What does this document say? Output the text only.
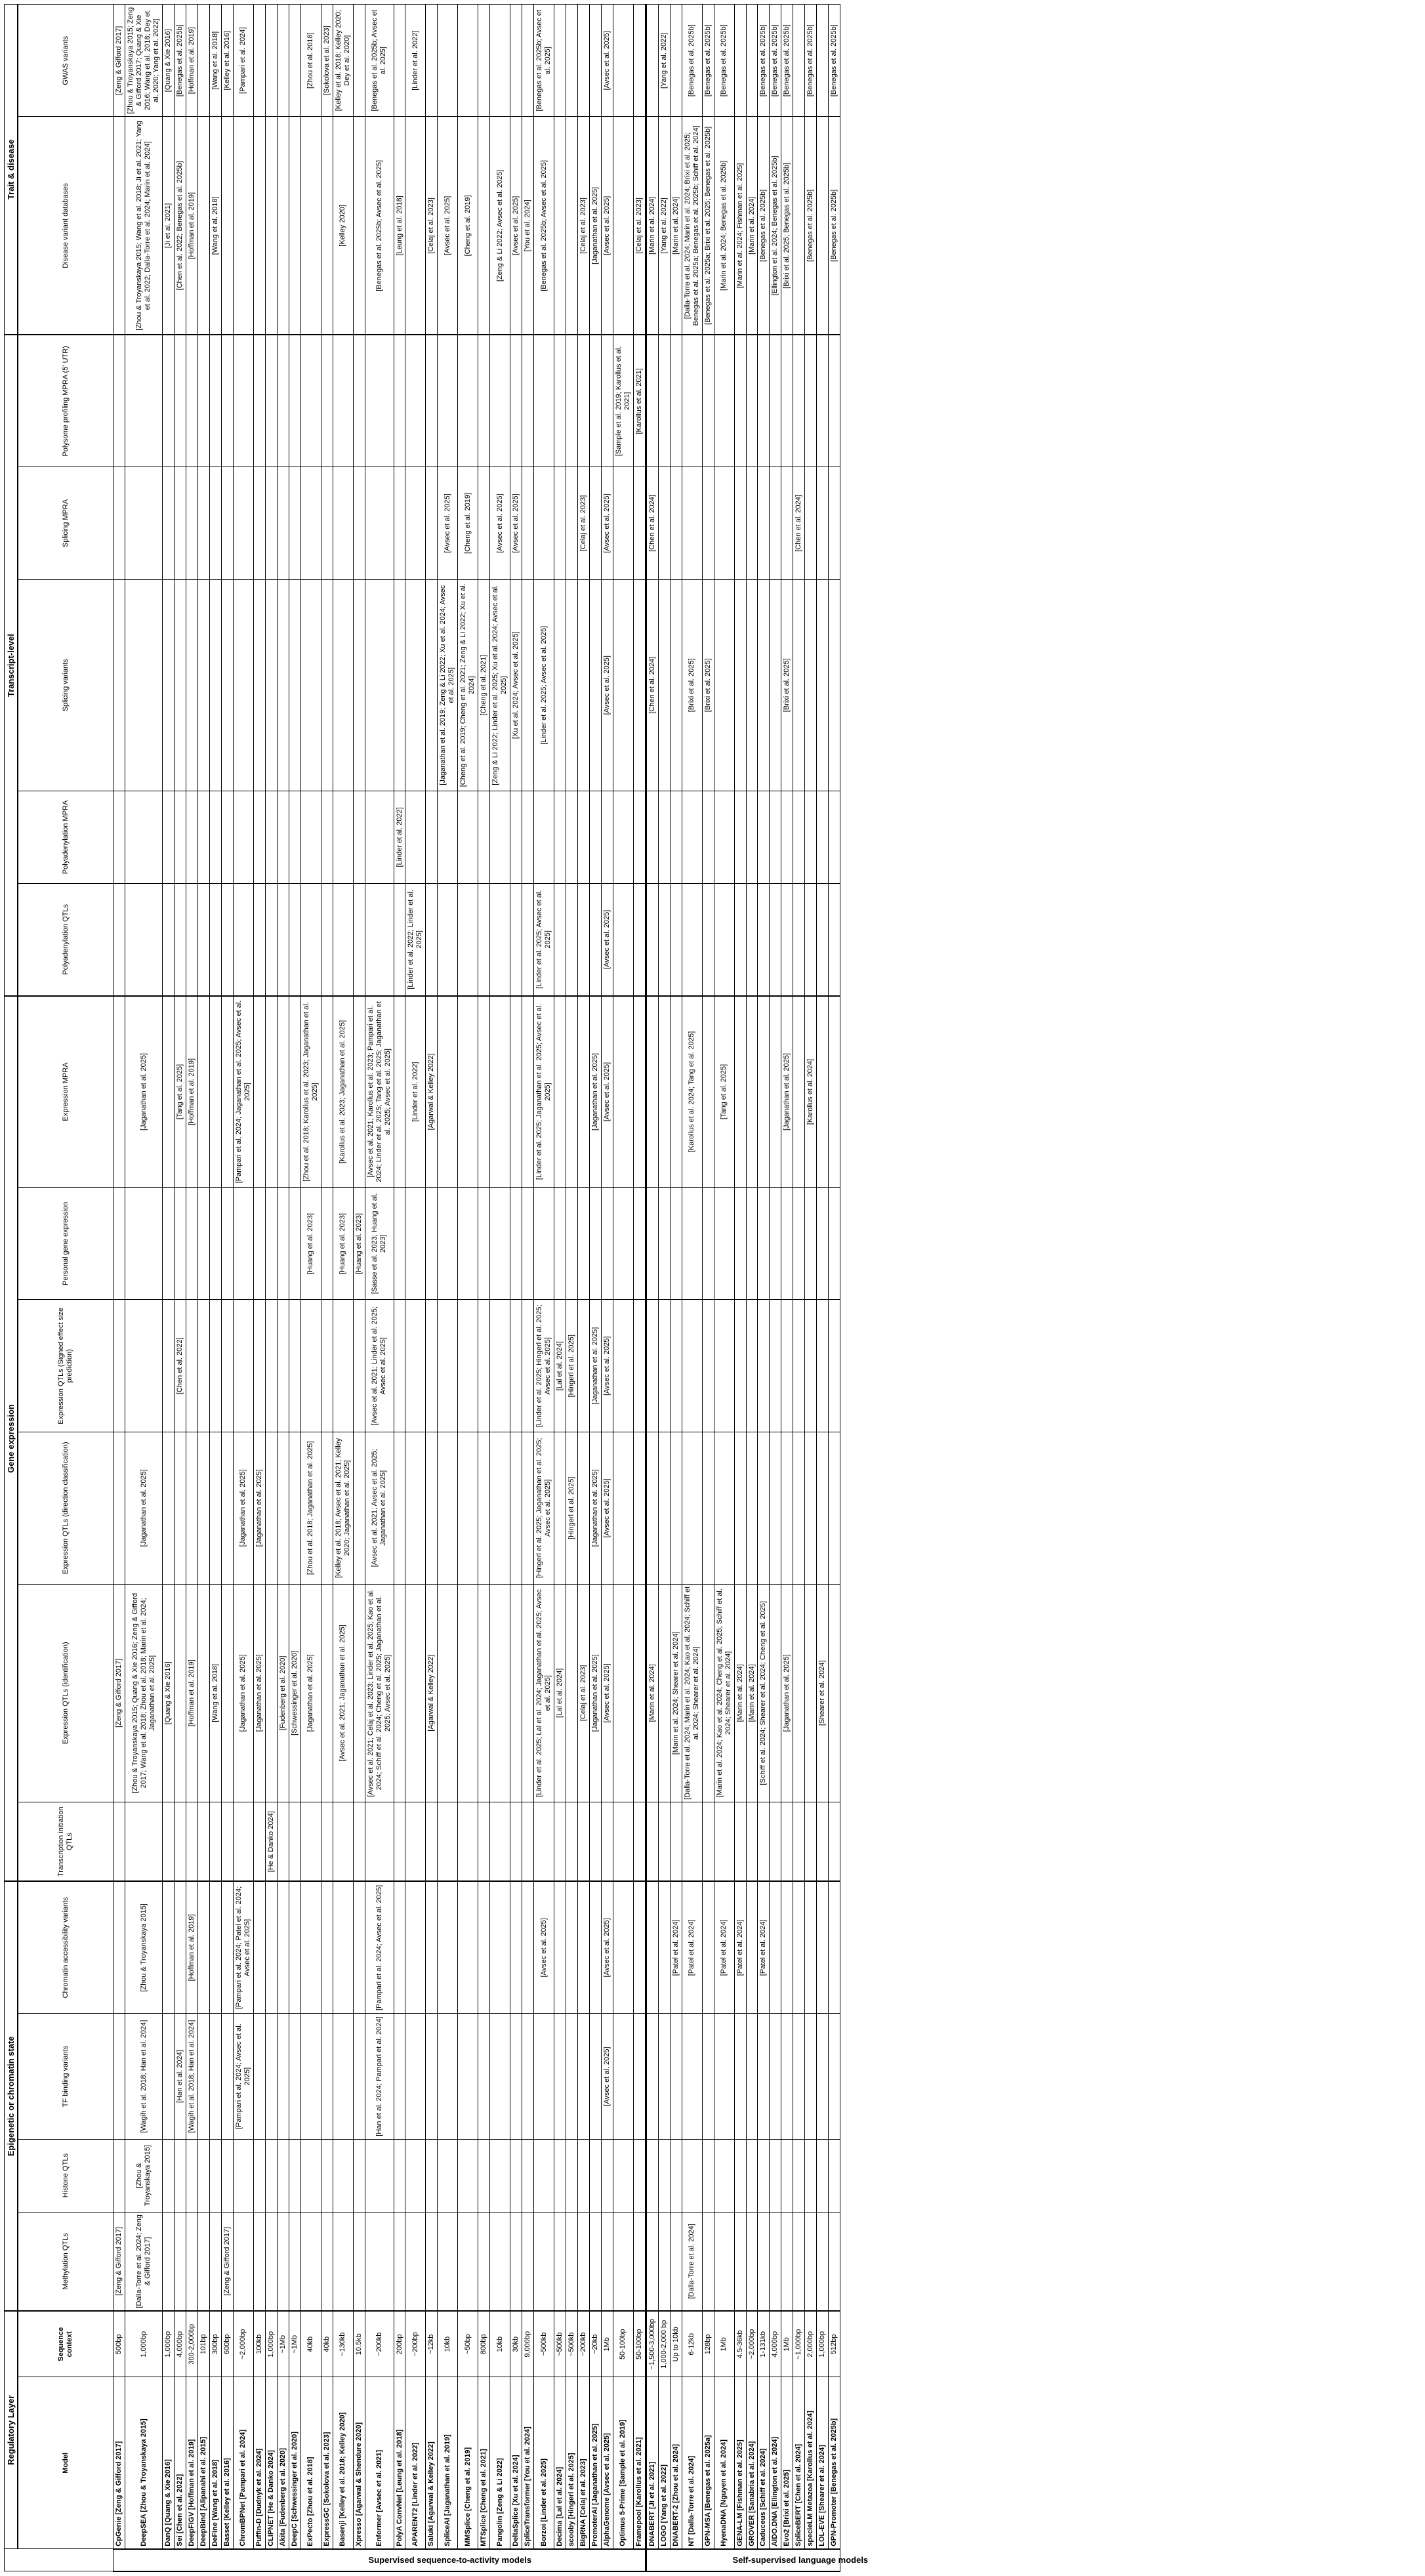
	Regulatory Layer		Epigenetic or chromatin state				Gene expression						Transcript-level					Trait & disease	
	Model	Sequence context	Methylation QTLs	Histone QTLs	TF binding variants	Chromatin accessibility variants	Transcription initiation QTLs	Expression QTLs (identification)	Expression QTLs (direction classification)	Expression QTLs (Signed effect size prediction)	Personal gene expression	Expression MPRA	Polyadenylation QTLs	Polyadenylation MPRA	Splicing variants	Splicing MPRA	Polysome profiling MPRA (5' UTR)	Disease variant databases	GWAS variants

Supervised sequence-to-activity models	CpGenie [Zeng & Gifford 2017]	500bp	[Zeng & Gifford 2017]					[Zeng & Gifford 2017]											[Zeng & Gifford 2017]
	DeepSEA [Zhou & Troyanskaya 2015]	1,000bp	[Dalla-Torre et al. 2024; Zeng & Gifford 2017]	[Zhou & Troyanskaya 2015]	[Wagih et al. 2018; Han et al. 2024]	[Zhou & Troyanskaya 2015]		[Zhou & Troyanskaya 2015; Quang & Xie 2016; Zeng & Gifford 2017; Wang et al. 2018; Zhou et al. 2018; Marin et al. 2024; Jaganathan et al. 2025]	[Jaganathan et al. 2025]			[Jaganathan et al. 2025]						[Zhou & Troyanskaya 2015; Wang et al. 2018; Ji et al. 2021; Yang et al. 2022; Dalla-Torre et al. 2024; Marin et al. 2024]	[Zhou & Troyanskaya 2015; Zeng & Gifford 2017; Quang & Xie 2016; Wang et al. 2018; Dey et al. 2020; Yang et al. 2022]
	DanQ [Quang & Xie 2016]	1,000bp						[Quang & Xie 2016]										[Ji et al. 2021]	[Quang & Xie 2016]
	Sei [Chen et al. 2022]	4,000bp			[Han et al. 2024]					[Chen et al. 2022]		[Tang et al. 2025]						[Chen et al. 2022; Benegas et al. 2025b]	[Benegas et al. 2025b]
	DeepFIGV [Hoffman et al. 2019]	300-2,000bp			[Wagih et al. 2018; Han et al. 2024]	[Hoffman et al. 2019]		[Hoffman et al. 2019]				[Hoffman et al. 2019]						[Hoffman et al. 2019]	[Hoffman et al. 2019]
	DeepBind [Alipanahi et al. 2015]	101bp																	
	DeFine [Wang et al. 2018]	300bp						[Wang et al. 2018]										[Wang et al. 2018]	[Wang et al. 2018]
	Basset [Kelley et al. 2016]	600bp	[Zeng & Gifford 2017]																[Kelley et al. 2016]
	ChromBPNet [Pampari et al. 2024]	~2,000bp			[Pampari et al. 2024; Avsec et al. 2025]	[Pampari et al. 2024; Patel et al. 2024; Avsec et al. 2025]		[Jaganathan et al. 2025]	[Jaganathan et al. 2025]			[Pampari et al. 2024; Jaganathan et al. 2025; Avsec et al. 2025]							[Pampari et al. 2024]
	Puffin-D [Dudnyk et al. 2024]	100kb						[Jaganathan et al. 2025]	[Jaganathan et al. 2025]										
	CLIPNET [He & Danko 2024]	1,000bp					[He & Danko 2024]												
	Akita [Fudenberg et al. 2020]	~1Mb						[Fudenberg et al. 2020]											
	DeepC [Schwessinger et al. 2020]	~1Mb						[Schwessinger et al. 2020]											
	ExPecto [Zhou et al. 2018]	40kb						[Jaganathan et al. 2025]	[Zhou et al. 2018; Jaganathan et al. 2025]		[Huang et al. 2023]	[Zhou et al. 2018; Karollus et al. 2023; Jaganathan et al. 2025]							[Zhou et al. 2018]
	ExpressGC [Sokolova et al. 2023]	40kb																	[Sokolova et al. 2023]
	Basenji [Kelley et al. 2018; Kelley 2020]	~130kb						[Avsec et al. 2021; Jaganathan et al. 2025]	[Kelley et al. 2018; Avsec et al. 2021; Kelley 2020; Jaganathan et al. 2025]		[Huang et al. 2023]	[Karollus et al. 2023; Jaganathan et al. 2025]						[Kelley 2020]	[Kelley et al. 2018; Kelley 2020; Dey et al. 2020]
	Xpresso [Agarwal & Shendure 2020]	10.5kb									[Huang et al. 2023]								
	Enformer [Avsec et al. 2021]	~200kb			[Han et al. 2024; Pampari et al. 2024]	[Pampari et al. 2024; Avsec et al. 2025]		[Avsec et al. 2021; Celaj et al. 2023; Linder et al. 2025; Kao et al. 2024; Schiff et al. 2024; Cheng et al. 2025; Jaganathan et al. 2025; Avsec et al. 2025]	[Avsec et al. 2021; Avsec et al. 2025; Jaganathan et al. 2025]	[Avsec et al. 2021; Linder et al. 2025; Avsec et al. 2025]	[Sasse et al. 2023; Huang et al. 2023]	[Avsec et al. 2021; Karollus et al. 2023; Pampari et al. 2024; Linder et al. 2025; Tang et al. 2025; Jaganathan et al. 2025; Avsec et al. 2025]						[Benegas et al. 2025b; Avsec et al. 2025]	[Benegas et al. 2025b; Avsec et al. 2025]
	PolyA ConvNet [Leung et al. 2018]	200bp												[Linder et al. 2022]				[Leung et al. 2018]	
	APARENT2 [Linder et al. 2022]	~200bp										[Linder et al. 2022]	[Linder et al. 2022; Linder et al. 2025]						[Linder et al. 2022]
	Saluki [Agarwal & Kelley 2022]	~12kb						[Agarwal & Kelley 2022]				[Agarwal & Kelley 2022]						[Celaj et al. 2023]	
	SpliceAI [Jaganathan et al. 2019]	10kb													[Jaganathan et al. 2019; Zeng & Li 2022; Xu et al. 2024; Avsec et al. 2025]	[Avsec et al. 2025]		[Avsec et al. 2025]	
	MMSplice [Cheng et al. 2019]	~50bp													[Cheng et al. 2019; Cheng et al. 2021; Zeng & Li 2022; Xu et al. 2024]	[Cheng et al. 2019]		[Cheng et al. 2019]	
	MTSplice [Cheng et al. 2021]	800bp													[Cheng et al. 2021]				
	Pangolin [Zeng & Li 2022]	10kb													[Zeng & Li 2022; Linder et al. 2025; Xu et al. 2024; Avsec et al. 2025]	[Avsec et al. 2025]		[Zeng & Li 2022; Avsec et al. 2025]	
	DeltaSplice [Xu et al. 2024]	30kb													[Xu et al. 2024; Avsec et al. 2025]	[Avsec et al. 2025]		[Avsec et al. 2025]	
	SpliceTransformer [You et al. 2024]	9,000bp																[You et al. 2024]	
	Borzoi [Linder et al. 2025]	~500kb				[Avsec et al. 2025]		[Linder et al. 2025; Lal et al. 2024; Jaganathan et al. 2025; Avsec et al. 2025]	[Hingerl et al. 2025; Jaganathan et al. 2025; Avsec et al. 2025]	[Linder et al. 2025; Hingerl et al. 2025; Avsec et al. 2025]		[Linder et al. 2025; Jaganathan et al. 2025; Avsec et al. 2025]	[Linder et al. 2025; Avsec et al. 2025]		[Linder et al. 2025; Avsec et al. 2025]			[Benegas et al. 2025b; Avsec et al. 2025]	[Benegas et al. 2025b; Avsec et al. 2025]
	Decima [Lal et al. 2024]	~500kb						[Lal et al. 2024]		[Lal et al. 2024]									
	scooby [Hingerl et al. 2025]	~500kb							[Hingerl et al. 2025]	[Hingerl et al. 2025]									
	BigRNA [Celaj et al. 2023]	~200kb						[Celaj et al. 2023]								[Celaj et al. 2023]		[Celaj et al. 2023]	
	PromoterAI [Jaganathan et al. 2025]	~20kb						[Jaganathan et al. 2025]	[Jaganathan et al. 2025]	[Jaganathan et al. 2025]		[Jaganathan et al. 2025]						[Jaganathan et al. 2025]	
	AlphaGenome [Avsec et al. 2025]	1Mb			[Avsec et al. 2025]	[Avsec et al. 2025]		[Avsec et al. 2025]	[Avsec et al. 2025]	[Avsec et al. 2025]		[Avsec et al. 2025]	[Avsec et al. 2025]		[Avsec et al. 2025]	[Avsec et al. 2025]		[Avsec et al. 2025]	[Avsec et al. 2025]
	Optimus 5-Prime [Sample et al. 2019]	50-100bp															[Sample et al. 2019; Karollus et al. 2021]		
	Framepool [Karollus et al. 2021]	50-100bp															[Karollus et al. 2021]	[Celaj et al. 2023]	

Self-supervised language models	DNABERT [Ji et al. 2021]	~1,500-3,000bp						[Marin et al. 2024]							[Chen et al. 2024]	[Chen et al. 2024]		[Marin et al. 2024]	
	LOGO [Yang et al. 2022]	1,000-2,000 bp																[Yang et al. 2022]	[Yang et al. 2022]
	DNABERT-2 [Zhou et al. 2024]	Up to 10kb				[Patel et al. 2024]		[Marin et al. 2024; Shearer et al. 2024]										[Marin et al. 2024]	
	NT [Dalla-Torre et al. 2024]	6-12kb	[Dalla-Torre et al. 2024]			[Patel et al. 2024]		[Dalla-Torre et al. 2024; Marin et al. 2024; Kao et al. 2024; Schiff et al. 2024; Shearer et al. 2024]				[Karollus et al. 2024; Tang et al. 2025]			[Brixi et al. 2025]			[Dalla-Torre et al. 2024; Marin et al. 2024; Brixi et al. 2025; Benegas et al. 2025a; Benegas et al. 2025b; Schiff et al. 2024]	[Benegas et al. 2025b]
	GPN-MSA [Benegas et al. 2025a]	128bp													[Brixi et al. 2025]			[Benegas et al. 2025a; Brixi et al. 2025; Benegas et al. 2025b]	[Benegas et al. 2025b]
	HyenaDNA [Nguyen et al. 2024]	1Mb				[Patel et al. 2024]		[Marin et al. 2024; Kao et al. 2024; Cheng et al. 2025; Schiff et al. 2024; Shearer et al. 2024]				[Tang et al. 2025]						[Marin et al. 2024; Benegas et al. 2025b]	[Benegas et al. 2025b]
	GENA-LM [Fishman et al. 2025]	4.5-36kb				[Patel et al. 2024]		[Marin et al. 2024]										[Marin et al. 2024; Fishman et al. 2025]	
	GROVER [Sanabria et al. 2024]	~2,000bp						[Marin et al. 2024]										[Marin et al. 2024]	
	Caduceus [Schiff et al. 2024]	1-131kb				[Patel et al. 2024]		[Schiff et al. 2024; Shearer et al. 2024; Cheng et al. 2025]										[Benegas et al. 2025b]	[Benegas et al. 2025b]
	AIDO.DNA [Ellington et al. 2024]	4,000bp																[Ellington et al. 2024; Benegas et al. 2025b]	[Benegas et al. 2025b]
	Evo2 [Brixi et al. 2025]	1Mb						[Jaganathan et al. 2025]				[Jaganathan et al. 2025]			[Brixi et al. 2025]			[Brixi et al. 2025; Benegas et al. 2025b]	[Benegas et al. 2025b]
	SpliceBERT [Chen et al. 2024]	~1,000bp														[Chen et al. 2024]			
	specieLM Metazoa [Karollus et al. 2024]	2,000bp										[Karollus et al. 2024]						[Benegas et al. 2025b]	[Benegas et al. 2025b]
	LOL-EVE [Shearer et al. 2024]	1,000bp						[Shearer et al. 2024]											
	GPN-Promoter [Benegas et al. 2025b]	512bp																[Benegas et al. 2025b]	[Benegas et al. 2025b]
